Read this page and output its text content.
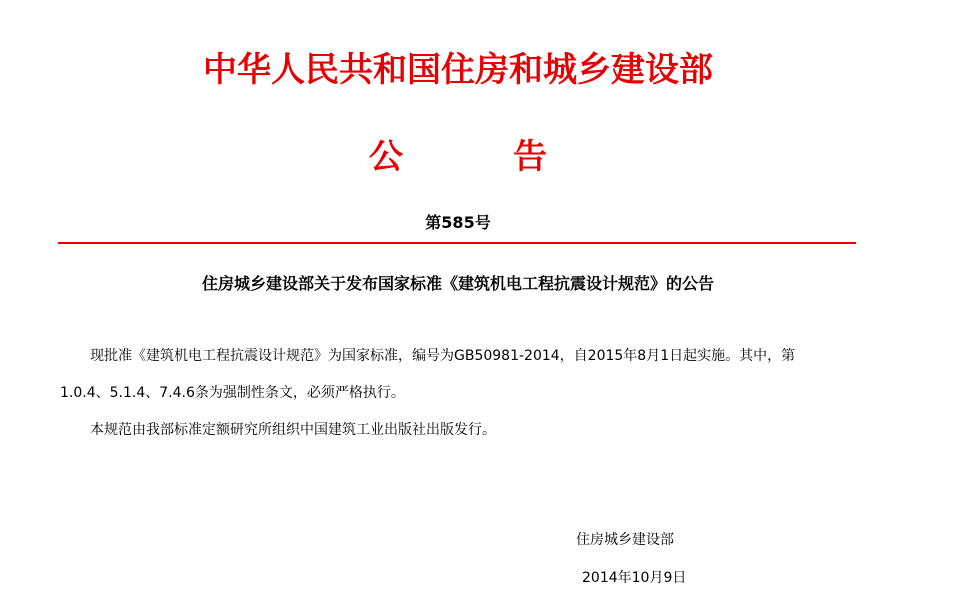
中华人民共和国住房和城乡建设部
公	告
第585号
住房城乡建设部关于发布国家标准《建筑机电工程抗震设计规范》的公告
现批准《建筑机电工程抗震设计规范》为国家标准，编号为GB50981-2014，自2015年8月1日起实施。其中，第
1.0.4、5.1.4、7.4.6条为强制性条文，必须严格执行。
本规范由我部标准定额研究所组织中国建筑工业出版社出版发行。
住房城乡建设部
2014年10月9日
